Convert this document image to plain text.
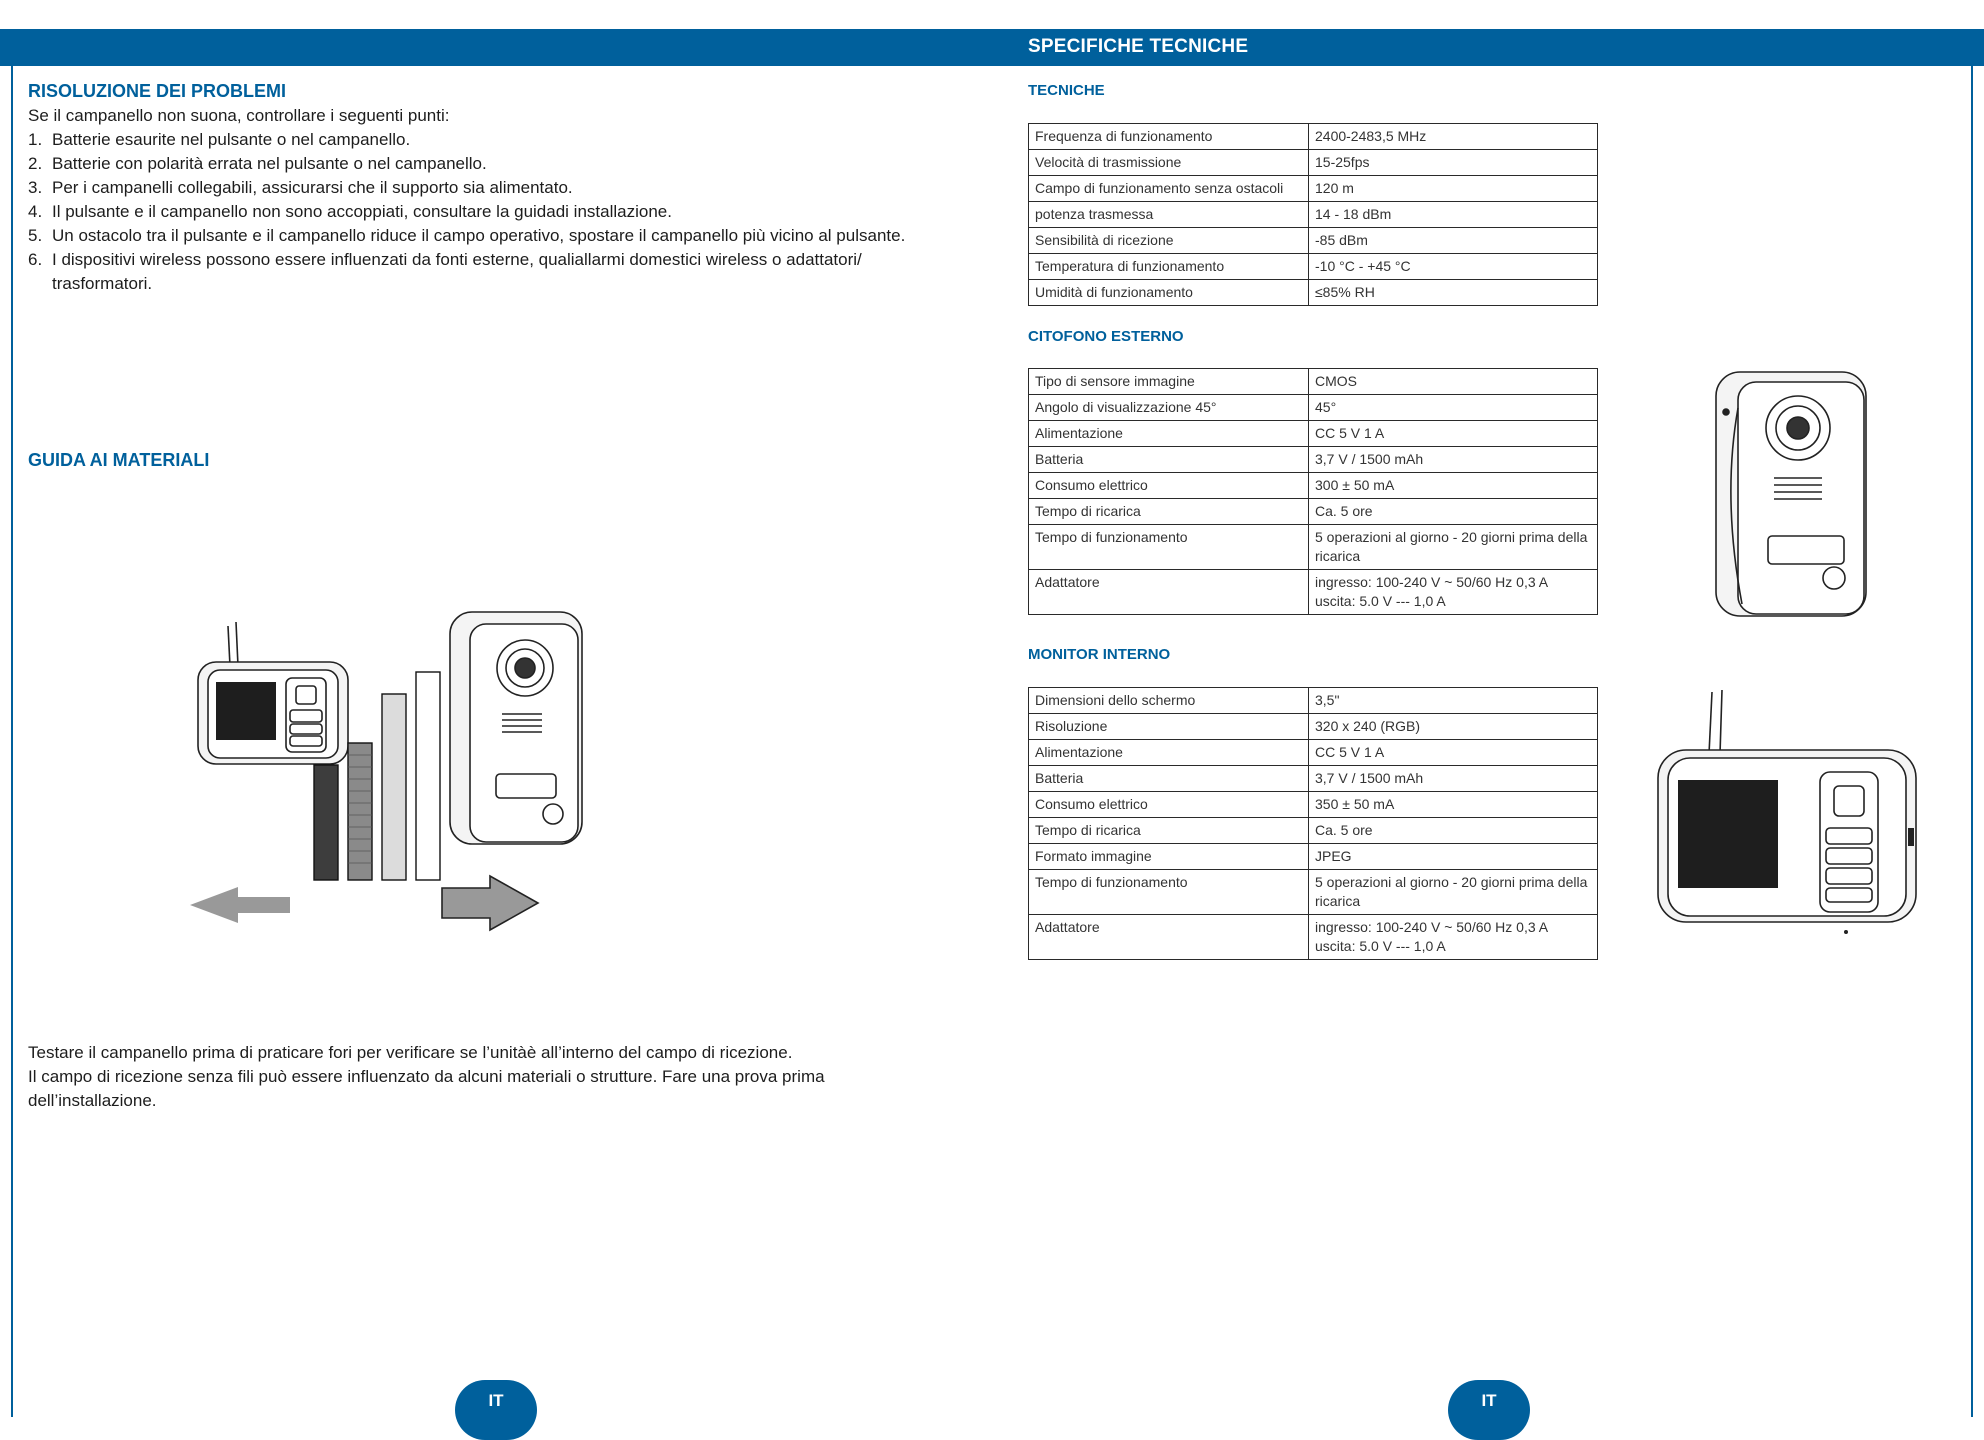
SPECIFICHE TECNICHE
RISOLUZIONE DEI PROBLEMI
Se il campanello non suona, controllare i seguenti punti:
1. Batterie esaurite nel pulsante o nel campanello.
2. Batterie con polarità errata nel pulsante o nel campanello.
3. Per i campanelli collegabili, assicurarsi che il supporto sia alimentato.
4. Il pulsante e il campanello non sono accoppiati, consultare la guidadi installazione.
5. Un ostacolo tra il pulsante e il campanello riduce il campo operativo, spostare il campanello più vicino al pulsante.
6. I dispositivi wireless possono essere influenzati da fonti esterne, qualiallarmi domestici wireless o adattatori/ trasformatori.
GUIDA AI MATERIALI
Testare il campanello prima di praticare fori per verificare se l’unitàè all’interno del campo di ricezione.
Il campo di ricezione senza fili può essere influenzato da alcuni materiali o strutture. Fare una prova prima
dell’installazione.
TECNICHE
Frequenza di funzionamento	2400-2483,5 MHz
Velocità di trasmissione	15-25fps
Campo di funzionamento senza ostacoli	120 m
potenza trasmessa	14 - 18 dBm
Sensibilità di ricezione	-85 dBm
Temperatura di funzionamento	-10 °C - +45 °C
Umidità di funzionamento	≤85% RH
CITOFONO ESTERNO
Tipo di sensore immagine	CMOS
Angolo di visualizzazione 45°	45°
Alimentazione	CC 5 V 1 A
Batteria	3,7 V / 1500 mAh
Consumo elettrico	300 ± 50 mA
Tempo di ricarica	Ca. 5 ore
Tempo di funzionamento	5 operazioni al giorno - 20 giorni prima della ricarica
Adattatore	ingresso: 100-240 V ~ 50/60 Hz 0,3 A uscita: 5.0 V --- 1,0 A
MONITOR INTERNO
Dimensioni dello schermo	3,5"
Risoluzione	320 x 240 (RGB)
Alimentazione	CC 5 V 1 A
Batteria	3,7 V / 1500 mAh
Consumo elettrico	350 ± 50 mA
Tempo di ricarica	Ca. 5 ore
Formato immagine	JPEG
Tempo di funzionamento	5 operazioni al giorno - 20 giorni prima della ricarica
Adattatore	ingresso: 100-240 V ~ 50/60 Hz 0,3 A uscita: 5.0 V --- 1,0 A
IT	IT
